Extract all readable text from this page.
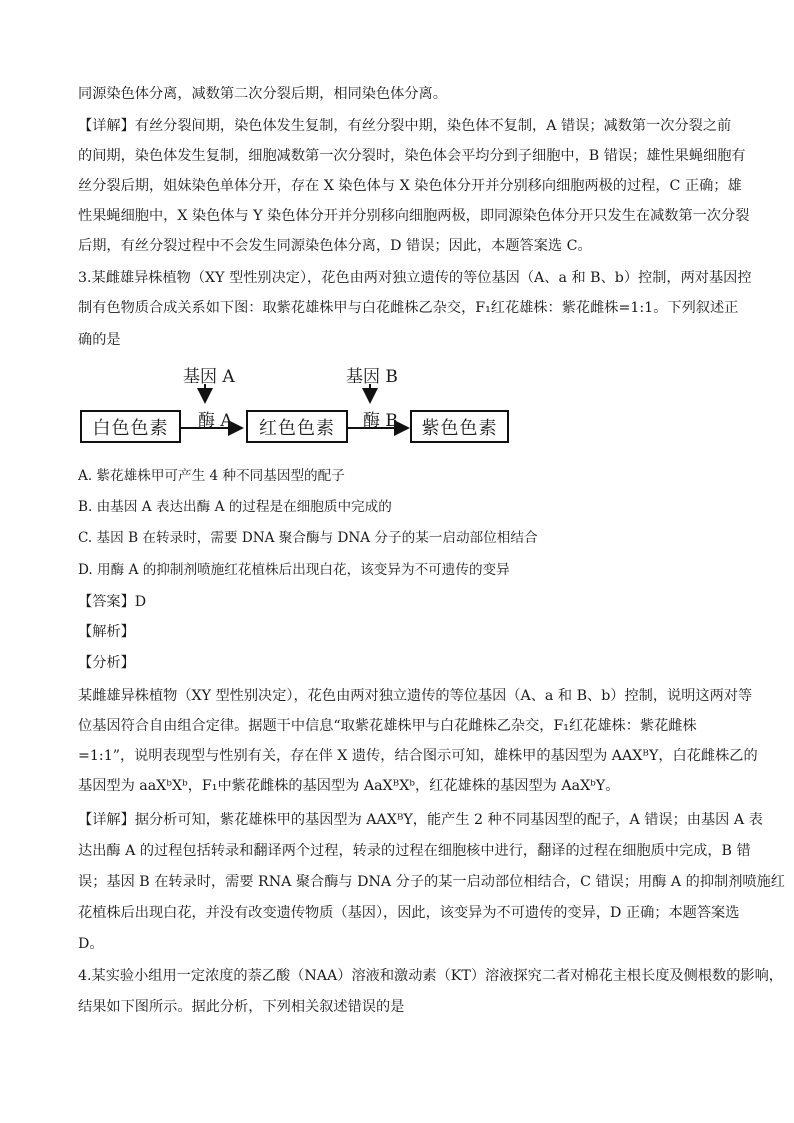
同源染色体分离，减数第二次分裂后期，相同染色体分离。
【详解】有丝分裂间期，染色体发生复制，有丝分裂中期，染色体不复制，A 错误；减数第一次分裂之前
的间期，染色体发生复制，细胞减数第一次分裂时，染色体会平均分到子细胞中，B 错误；雄性果蝇细胞有
丝分裂后期，姐妹染色单体分开，存在 X 染色体与 X 染色体分开并分别移向细胞两极的过程，C 正确；雄
性果蝇细胞中，X 染色体与 Y 染色体分开并分别移向细胞两极，即同源染色体分开只发生在减数第一次分裂
后期，有丝分裂过程中不会发生同源染色体分离，D 错误；因此，本题答案选 C。
3.某雌雄异株植物（XY 型性别决定），花色由两对独立遗传的等位基因（A、a 和 B、b）控制，两对基因控
制有色物质合成关系如下图：取紫花雄株甲与白花雌株乙杂交，F₁红花雄株：紫花雌株=1:1。下列叙述正
确的是
基因 A	基因 B
酶 A	酶 B
白色色素	红色色素	紫色色素
A. 紫花雄株甲可产生 4 种不同基因型的配子
B. 由基因 A 表达出酶 A 的过程是在细胞质中完成的
C. 基因 B 在转录时，需要 DNA 聚合酶与 DNA 分子的某一启动部位相结合
D. 用酶 A 的抑制剂喷施红花植株后出现白花，该变异为不可遗传的变异
【答案】D
【解析】
【分析】
某雌雄异株植物（XY 型性别决定），花色由两对独立遗传的等位基因（A、a 和 B、b）控制，说明这两对等
位基因符合自由组合定律。据题干中信息“取紫花雄株甲与白花雌株乙杂交，F₁红花雄株：紫花雌株
=1:1”，说明表现型与性别有关，存在伴 X 遗传，结合图示可知，雄株甲的基因型为 AAXᴮY，白花雌株乙的
基因型为 aaXᵇXᵇ，F₁中紫花雌株的基因型为 AaXᴮXᵇ，红花雄株的基因型为 AaXᵇY。
【详解】据分析可知，紫花雄株甲的基因型为 AAXᴮY，能产生 2 种不同基因型的配子，A 错误；由基因 A 表
达出酶 A 的过程包括转录和翻译两个过程，转录的过程在细胞核中进行，翻译的过程在细胞质中完成，B 错
误；基因 B 在转录时，需要 RNA 聚合酶与 DNA 分子的某一启动部位相结合，C 错误；用酶 A 的抑制剂喷施红
花植株后出现白花，并没有改变遗传物质（基因），因此，该变异为不可遗传的变异，D 正确；本题答案选
D。
4.某实验小组用一定浓度的萘乙酸（NAA）溶液和激动素（KT）溶液探究二者对棉花主根长度及侧根数的影响，
结果如下图所示。据此分析，下列相关叙述错误的是
